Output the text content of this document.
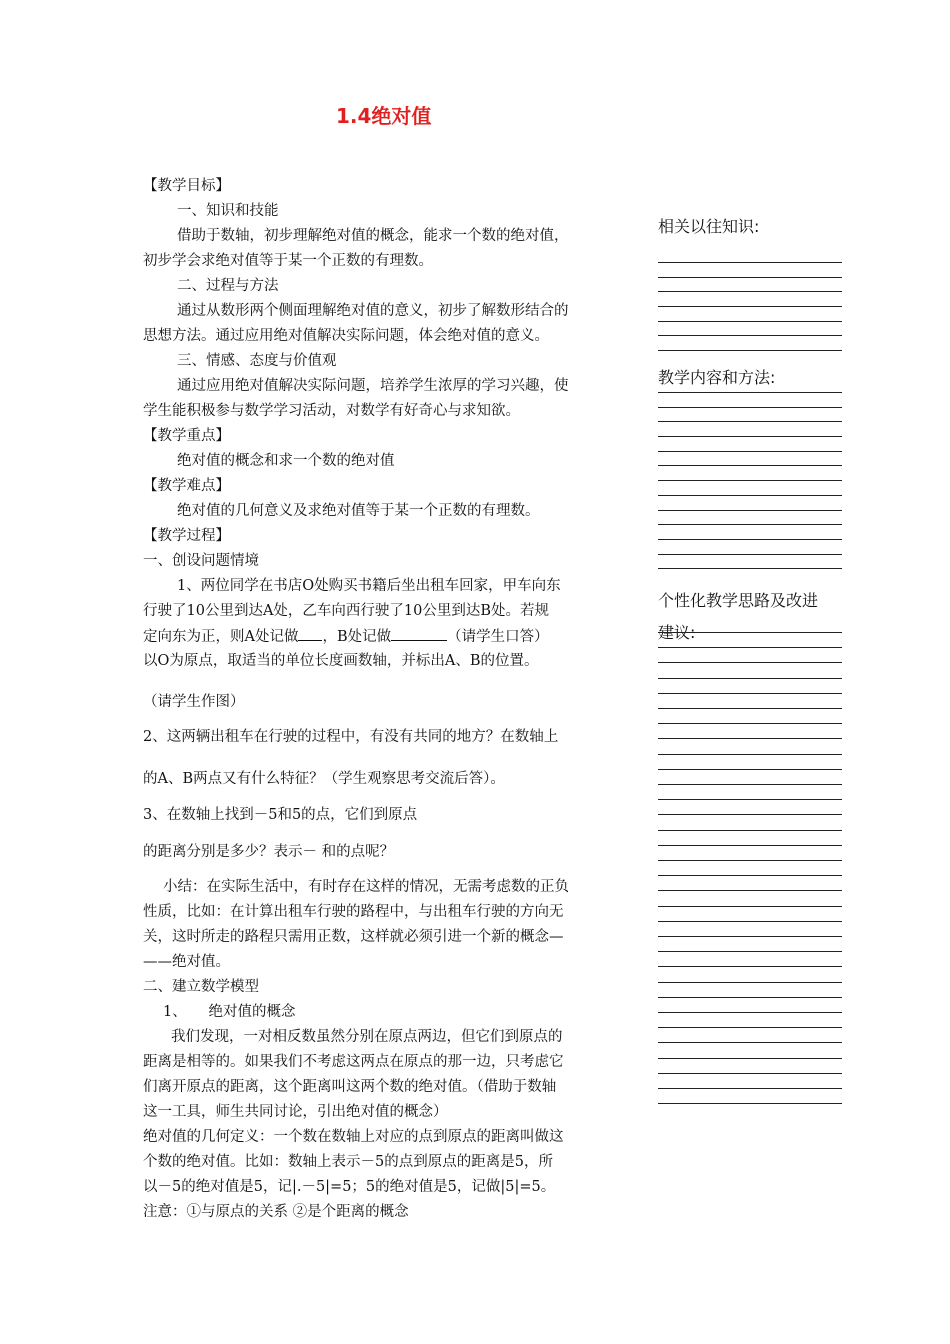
1.4绝对值
【教学目标】
一、知识和技能
借助于数轴，初步理解绝对值的概念，能求一个数的绝对值，
初步学会求绝对值等于某一个正数的有理数。
二、过程与方法
通过从数形两个侧面理解绝对值的意义，初步了解数形结合的
思想方法。通过应用绝对值解决实际问题，体会绝对值的意义。
三、情感、态度与价值观
通过应用绝对值解决实际问题，培养学生浓厚的学习兴趣，使
学生能积极参与数学学习活动，对数学有好奇心与求知欲。
【教学重点】
绝对值的概念和求一个数的绝对值
【教学难点】
绝对值的几何意义及求绝对值等于某一个正数的有理数。
【教学过程】
一、创设问题情境
1、两位同学在书店O处购买书籍后坐出租车回家，甲车向东
行驶了10公里到达A处，乙车向西行驶了10公里到达B处。若规
定向东为正，则A处记做 ，B处记做	（请学生口答）
以O为原点，取适当的单位长度画数轴，并标出A、B的位置。
（请学生作图）
2、这两辆出租车在行驶的过程中，有没有共同的地方？在数轴上
的A、B两点又有什么特征？（学生观察思考交流后答）。
3、在数轴上找到－5和5的点，它们到原点
的距离分别是多少？表示－ 和的点呢？
小结：在实际生活中，有时存在这样的情况，无需考虑数的正负
性质，比如：在计算出租车行驶的路程中，与出租车行驶的方向无
关，这时所走的路程只需用正数，这样就必须引进一个新的概念—
——绝对值。
二、建立数学模型
1、　　绝对值的概念
我们发现，一对相反数虽然分别在原点两边，但它们到原点的
距离是相等的。如果我们不考虑这两点在原点的那一边，只考虑它
们离开原点的距离，这个距离叫这两个数的绝对值。（借助于数轴
这一工具，师生共同讨论，引出绝对值的概念）
绝对值的几何定义：一个数在数轴上对应的点到原点的距离叫做这
个数的绝对值。比如：数轴上表示－5的点到原点的距离是5，所
以－5的绝对值是5，记|.－5|=5；5的绝对值是5，记做|5|=5。
注意：①与原点的关系 ②是个距离的概念
相关以往知识:
教学内容和方法:
个性化教学思路及改进
建议:
